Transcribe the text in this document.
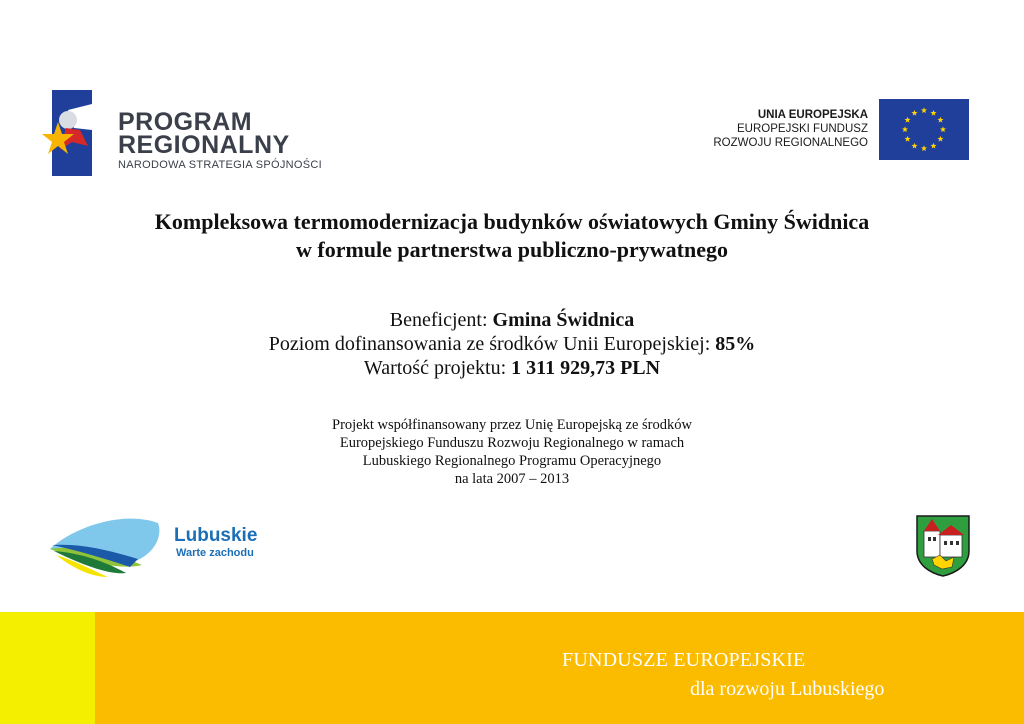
PROGRAM
REGIONALNY
NARODOWA STRATEGIA SPÓJNOŚCI
UNIA EUROPEJSKA
EUROPEJSKI FUNDUSZ
ROZWOJU REGIONALNEGO
Kompleksowa termomodernizacja budynków oświatowych Gminy Świdnica
w formule partnerstwa publiczno-prywatnego
Beneficjent: Gmina Świdnica
Poziom dofinansowania ze środków Unii Europejskiej: 85%
Wartość projektu: 1 311 929,73 PLN
Projekt współfinansowany przez Unię Europejską ze środków
Europejskiego Funduszu Rozwoju Regionalnego w ramach
Lubuskiego Regionalnego Programu Operacyjnego
na lata 2007 – 2013
Lubuskie
Warte zachodu
FUNDUSZE EUROPEJSKIE
dla rozwoju Lubuskiego
